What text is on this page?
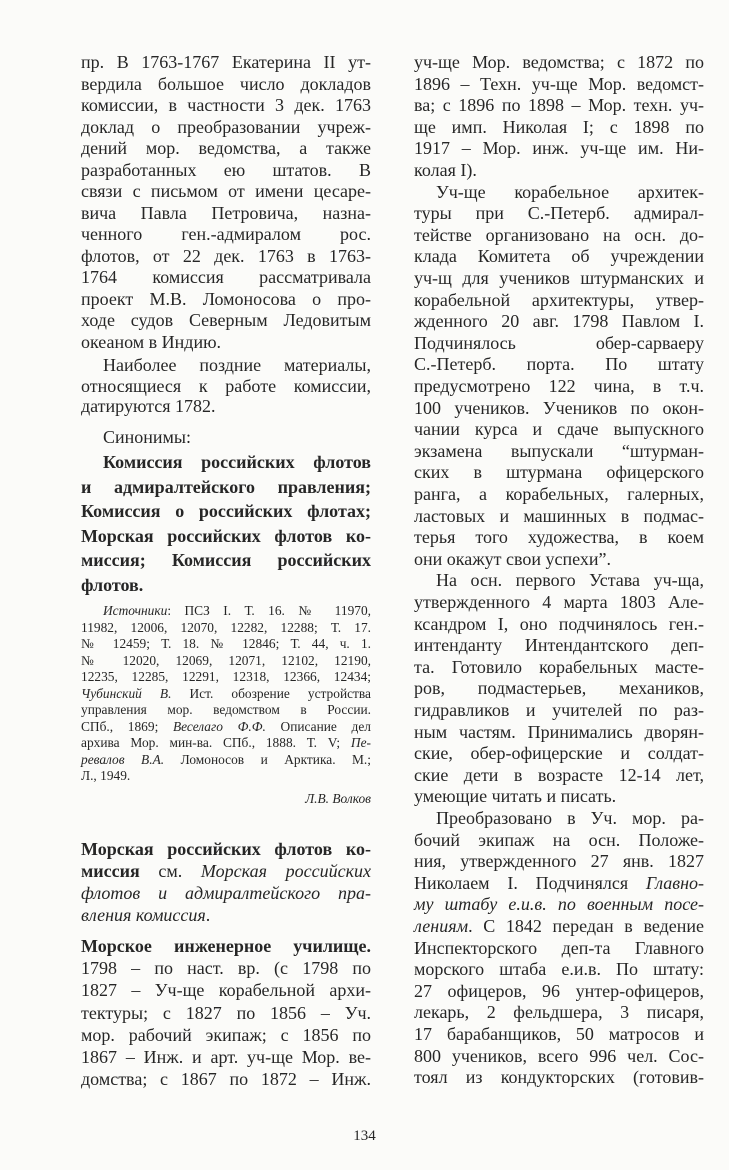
пр. В 1763-1767 Екатерина II ут-
вердила большое число докладов
комиссии, в частности 3 дек. 1763
доклад о преобразовании учреж-
дений мор. ведомства, а также
разработанных ею штатов. В
связи с письмом от имени цесаре-
вича Павла Петровича, назна-
ченного ген.-адмиралом рос.
флотов, от 22 дек. 1763 в 1763-
1764 комиссия рассматривала
проект М.В. Ломоносова о про-
ходе судов Северным Ледовитым
океаном в Индию.
Наиболее поздние материалы,
относящиеся к работе комиссии,
датируются 1782.
Синонимы:
Комиссия российских флотов
и адмиралтейского правления;
Комиссия о российских флотах;
Морская российских флотов ко-
миссия; Комиссия российских
флотов.
Источники: ПСЗ I. Т. 16. № 11970,
11982, 12006, 12070, 12282, 12288; Т. 17.
№ 12459; Т. 18. № 12846; Т. 44, ч. 1.
№ 12020, 12069, 12071, 12102, 12190,
12235, 12285, 12291, 12318, 12366, 12434;
Чубинский В. Ист. обозрение устройства
управления мор. ведомством в России.
СПб., 1869; Веселаго Ф.Ф. Описание дел
архива Мор. мин-ва. СПб., 1888. Т. V; Пе-
ревалов В.А. Ломоносов и Арктика. М.;
Л., 1949.
Л.В. Волков
Морская российских флотов ко-
миссия см. Морская российских
флотов и адмиралтейского пра-
вления комиссия.
Морское инженерное училище.
1798 – по наст. вр. (с 1798 по
1827 – Уч-ще корабельной архи-
тектуры; с 1827 по 1856 – Уч.
мор. рабочий экипаж; с 1856 по
1867 – Инж. и арт. уч-ще Мор. ве-
домства; с 1867 по 1872 – Инж.
уч-ще Мор. ведомства; с 1872 по
1896 – Техн. уч-ще Мор. ведомст-
ва; с 1896 по 1898 – Мор. техн. уч-
ще имп. Николая I; с 1898 по
1917 – Мор. инж. уч-ще им. Ни-
колая I).
Уч-ще корабельное архитек-
туры при С.-Петерб. адмирал-
тействе организовано на осн. до-
клада Комитета об учреждении
уч-щ для учеников штурманских и
корабельной архитектуры, утвер-
жденного 20 авг. 1798 Павлом I.
Подчинялось обер-сарваеру
С.-Петерб. порта. По штату
предусмотрено 122 чина, в т.ч.
100 учеников. Учеников по окон-
чании курса и сдаче выпускного
экзамена выпускали “штурман-
ских в штурмана офицерского
ранга, а корабельных, галерных,
ластовых и машинных в подмас-
терья того художества, в коем
они окажут свои успехи”.
На осн. первого Устава уч-ща,
утвержденного 4 марта 1803 Але-
ксандром I, оно подчинялось ген.-
интенданту Интендантского деп-
та. Готовило корабельных масте-
ров, подмастерьев, механиков,
гидравликов и учителей по раз-
ным частям. Принимались дворян-
ские, обер-офицерские и солдат-
ские дети в возрасте 12-14 лет,
умеющие читать и писать.
Преобразовано в Уч. мор. ра-
бочий экипаж на осн. Положе-
ния, утвержденного 27 янв. 1827
Николаем I. Подчинялся Главно-
му штабу е.и.в. по военным посе-
лениям. С 1842 передан в ведение
Инспекторского деп-та Главного
морского штаба е.и.в. По штату:
27 офицеров, 96 унтер-офицеров,
лекарь, 2 фельдшера, 3 писаря,
17 барабанщиков, 50 матросов и
800 учеников, всего 996 чел. Сос-
тоял из кондукторских (готовив-
134
